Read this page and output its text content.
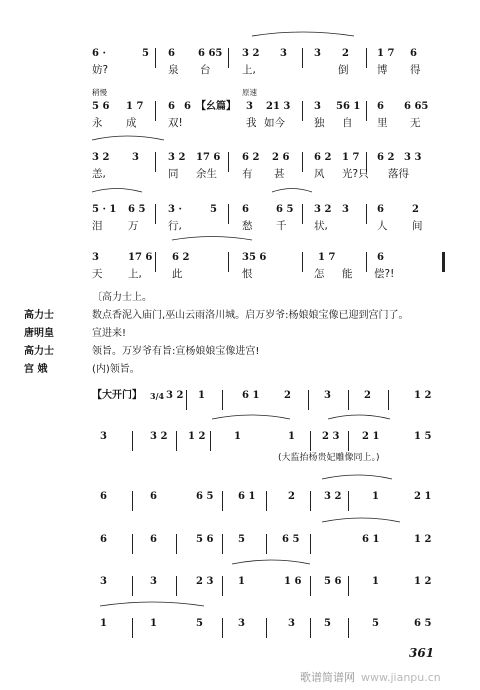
6 ·	5 6 6 65 3 2 3	3 2	1 7 6
妨?	泉 台	上,	倒	博 得
稍慢	原速
5 6 1 7 6 6 【幺篇】 3 21 3 3 56 1 6 6 65
永 成	双!	我 如今	独 自 里 无
3 2 3	3 2 17 6 6 2 2 6 6 2 1 7 6 2 3 3
恙,	同 余生 有 甚	风 光?只 落得
5 · 1 6 5 3 ·	5	6	6 5 3 2 3	6	2
泪 万	行,	愁 千	状,	人 间
3	17 6 6 2	35 6	1 7	6
天 上,	此	恨	怎 能 偿?!
〔高力士上。
高力士	数点香泥入庙门,巫山云雨洛川城。启万岁爷:杨娘娘宝像已迎到宫门了。
唐明皇	宣进来!
高力士	领旨。万岁爷有旨:宣杨娘娘宝像进宫!
宫 娥	(内)领旨。
【大开门】 3/4 3 2 1	6 1 2	3	2	1 2
3	3 2 1 2	1	1	2 3 2 1	1 5
(大监抬杨贵妃雕像同上。)
6	6	6 5 6 1	2	3 2	1	2 1
6	6	5 6 5	6 5	6 1	1 2
3	3	2 3 1	1 6 5 6	1	1 2
1	1	5	3	3	5	5	6 5
361
歌谱简谱网 www.jianpu.cn
